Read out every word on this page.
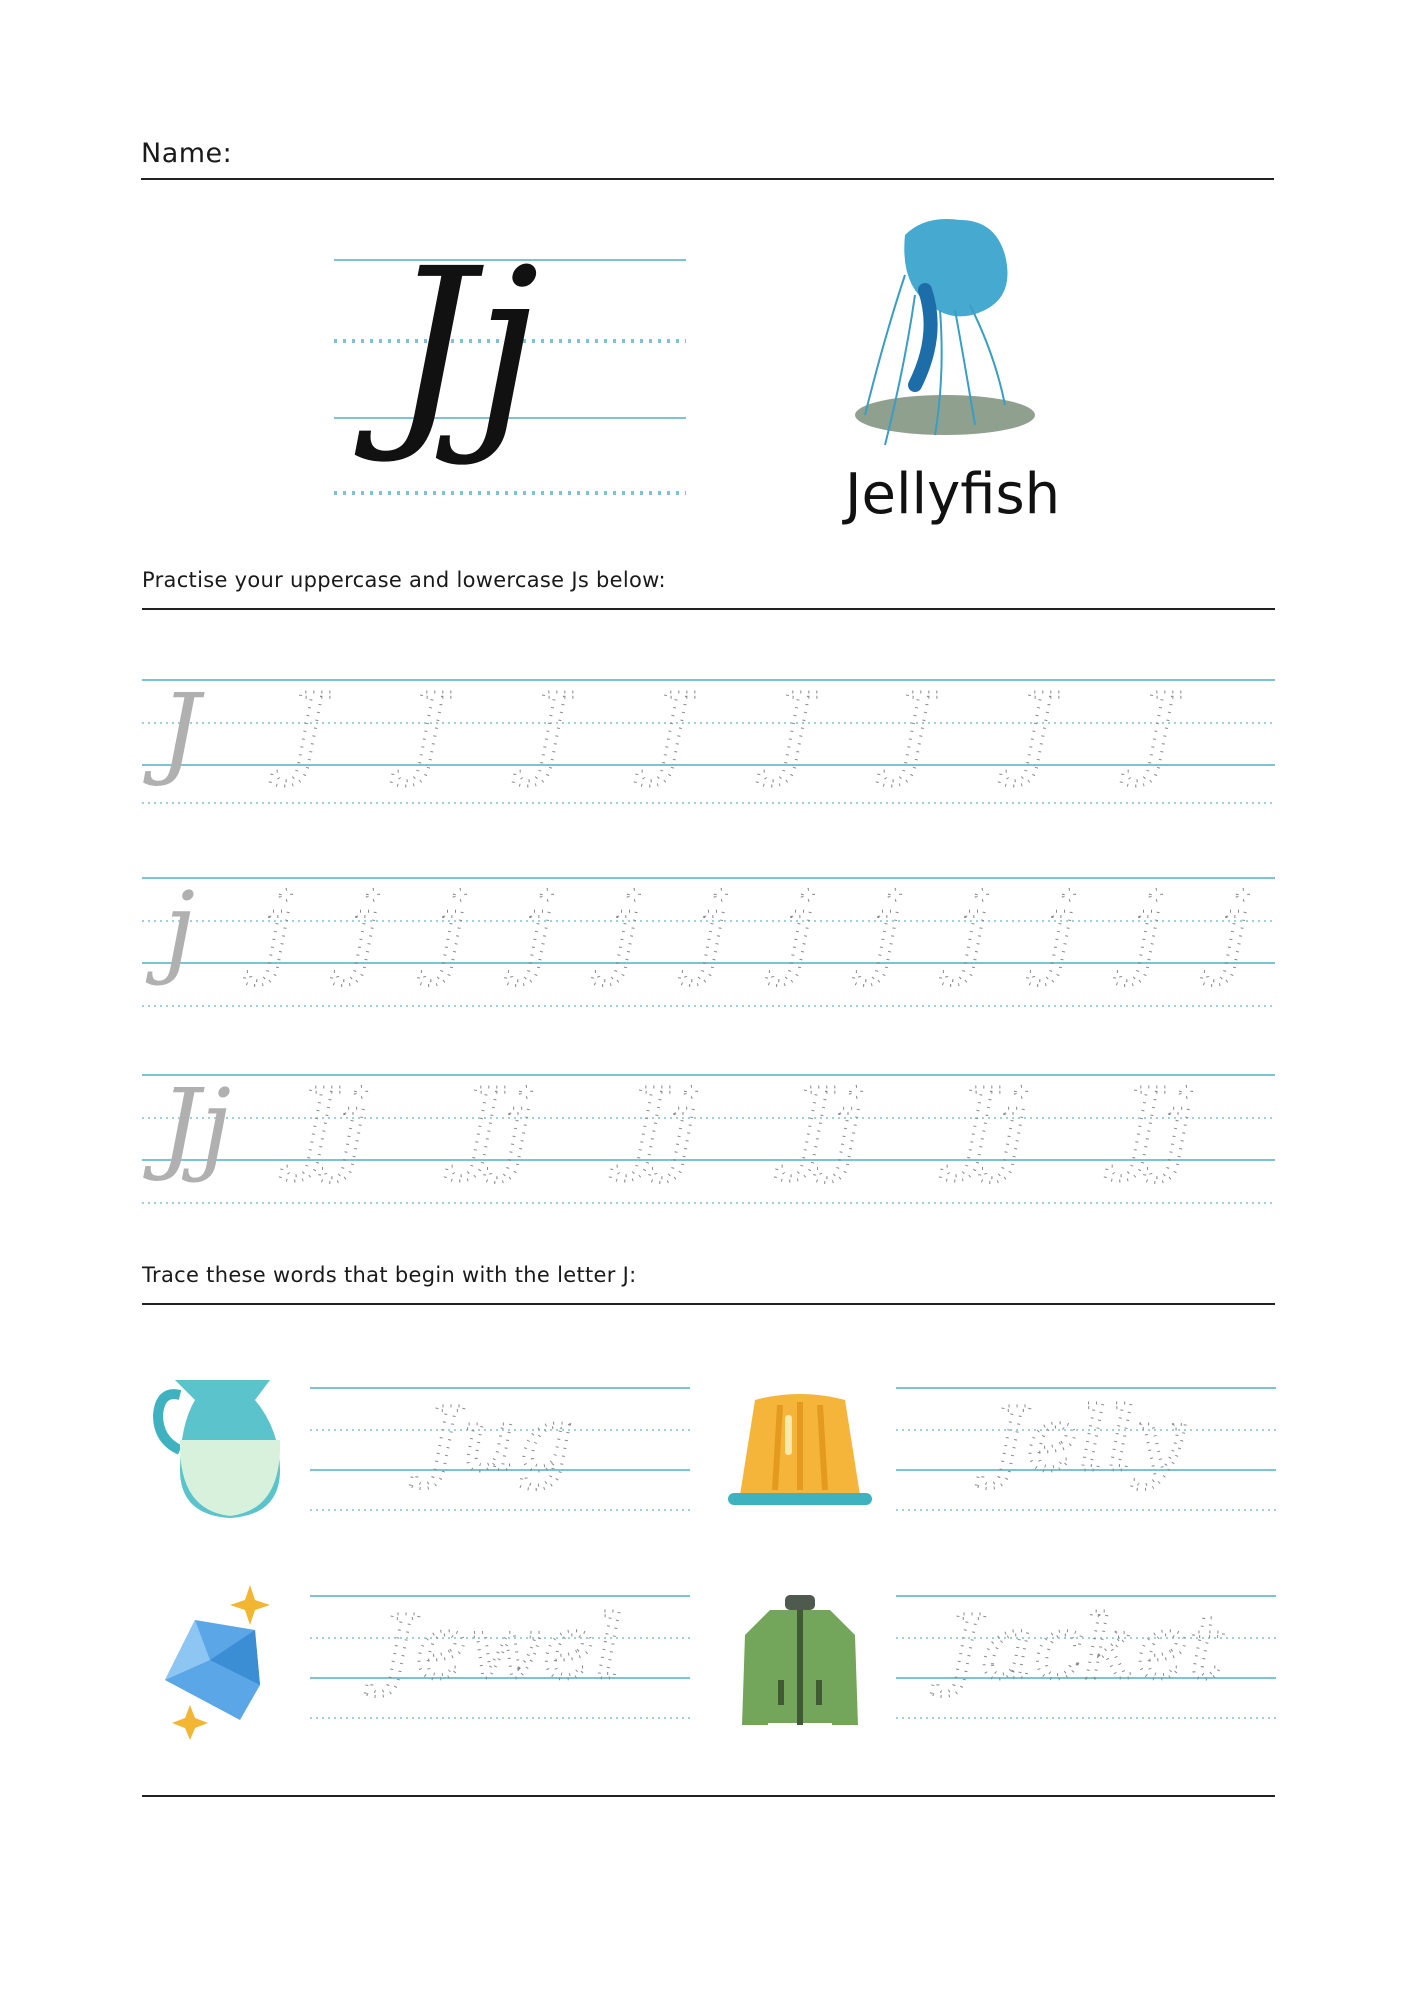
Name:
Jj
Jellyfish
Practise your uppercase and lowercase Js below:
J J J J J J J J J
j j j j j j j j j j j j j
Jj Jj Jj Jj Jj Jj Jj
Trace these words that begin with the letter J:
Jug	Jelly
Jewel	Jacket
